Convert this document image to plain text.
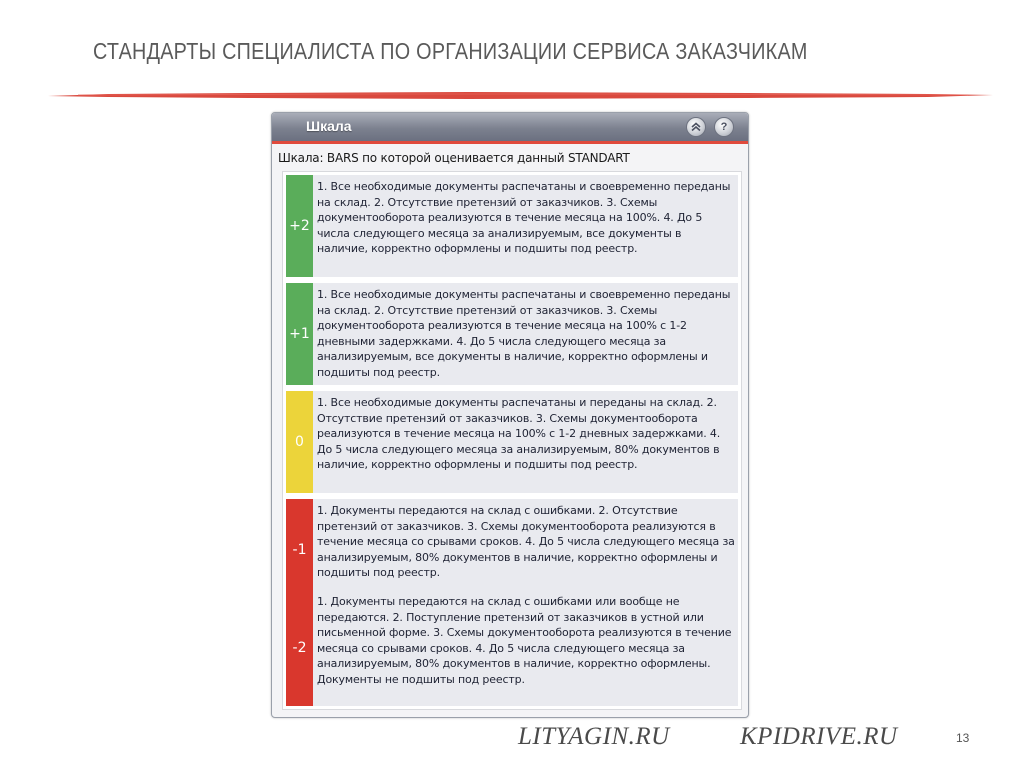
СТАНДАРТЫ СПЕЦИАЛИСТА ПО ОРГАНИЗАЦИИ СЕРВИСА ЗАКАЗЧИКАМ
Шкала	?
Шкала: BARS по которой оценивается данный STANDART
+2

1. Все необходимые документы распечатаны и своевременно переданы на склад. 2. Отсутствие претензий от заказчиков. 3. Схемы документооборота реализуются в течение месяца на 100%. 4. До 5 числа следующего месяца за анализируемым, все документы в наличие, корректно оформлены и подшиты под реестр.

+1

1. Все необходимые документы распечатаны и своевременно переданы на склад. 2. Отсутствие претензий от заказчиков. 3. Схемы документооборота реализуются в течение месяца на 100% с 1-2 дневными задержками. 4. До 5 числа следующего месяца за анализируемым, все документы в наличие, корректно оформлены и подшиты под реестр.

0

1. Все необходимые документы распечатаны и переданы на склад. 2. Отсутствие претензий от заказчиков. 3. Схемы документооборота реализуются в течение месяца на 100% с 1-2 дневных задержками. 4. До 5 числа следующего месяца за анализируемым, 80% документов в наличие, корректно оформлены и подшиты под реестр.

-1

1. Документы передаются на склад с ошибками. 2. Отсутствие претензий от заказчиков. 3. Схемы документооборота реализуются в течение месяца со срывами сроков. 4. До 5 числа следующего месяца за анализируемым, 80% документов в наличие, корректно оформлены и подшиты под реестр.

-2

1. Документы передаются на склад с ошибками или вообще не передаются. 2. Поступление претензий от заказчиков в устной или письменной форме. 3. Схемы документооборота реализуются в течение месяца со срывами сроков. 4. До 5 числа следующего месяца за анализируемым, 80% документов в наличие, корректно оформлены. Документы не подшиты под реестр.

LITYAGIN.RU	KPIDRIVE.RU	13
